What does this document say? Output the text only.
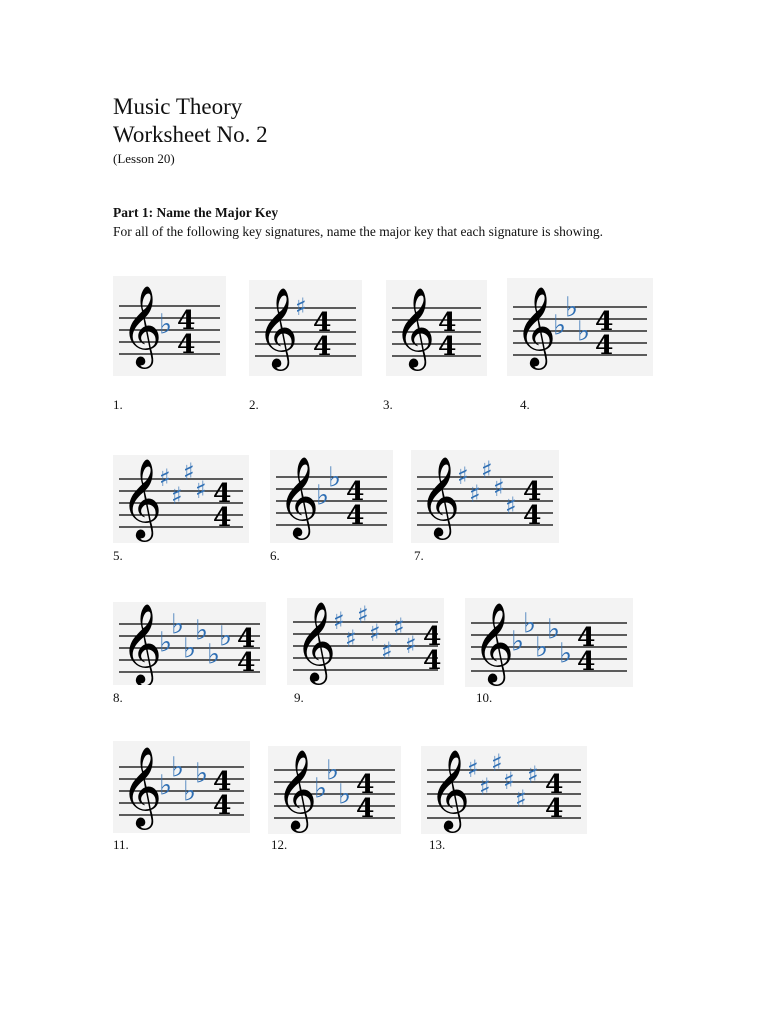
Music Theory
Worksheet No. 2

(Lesson 20)

Part 1: Name the Major Key

For all of the following key signatures, name the major key that each signature is showing.

𝄞
♭ 4
4 𝄞
♯ 4
4 𝄞 4
4 𝄞
♭
♭
♭ 4
4

1.	2.	3.	4.

𝄞
♯
♯
♯
♯ 4
4 𝄞
♭
♭ 4
4 𝄞
♯
♯
♯
♯
♯ 4
4

5.	6.	7.

𝄞
♭
♭
♭
♭
♭
♭ 4
4 𝄞
♯
♯
♯
♯
♯
♯
♯ 4
4 𝄞
♭
♭
♭
♭
♭ 4
4

8.	9.	10.

𝄞
♭
♭
♭
♭ 4
4 𝄞
♭
♭
♭ 4
4 𝄞
♯
♯
♯
♯
♯
♯ 4
4

11.	12.	13.
